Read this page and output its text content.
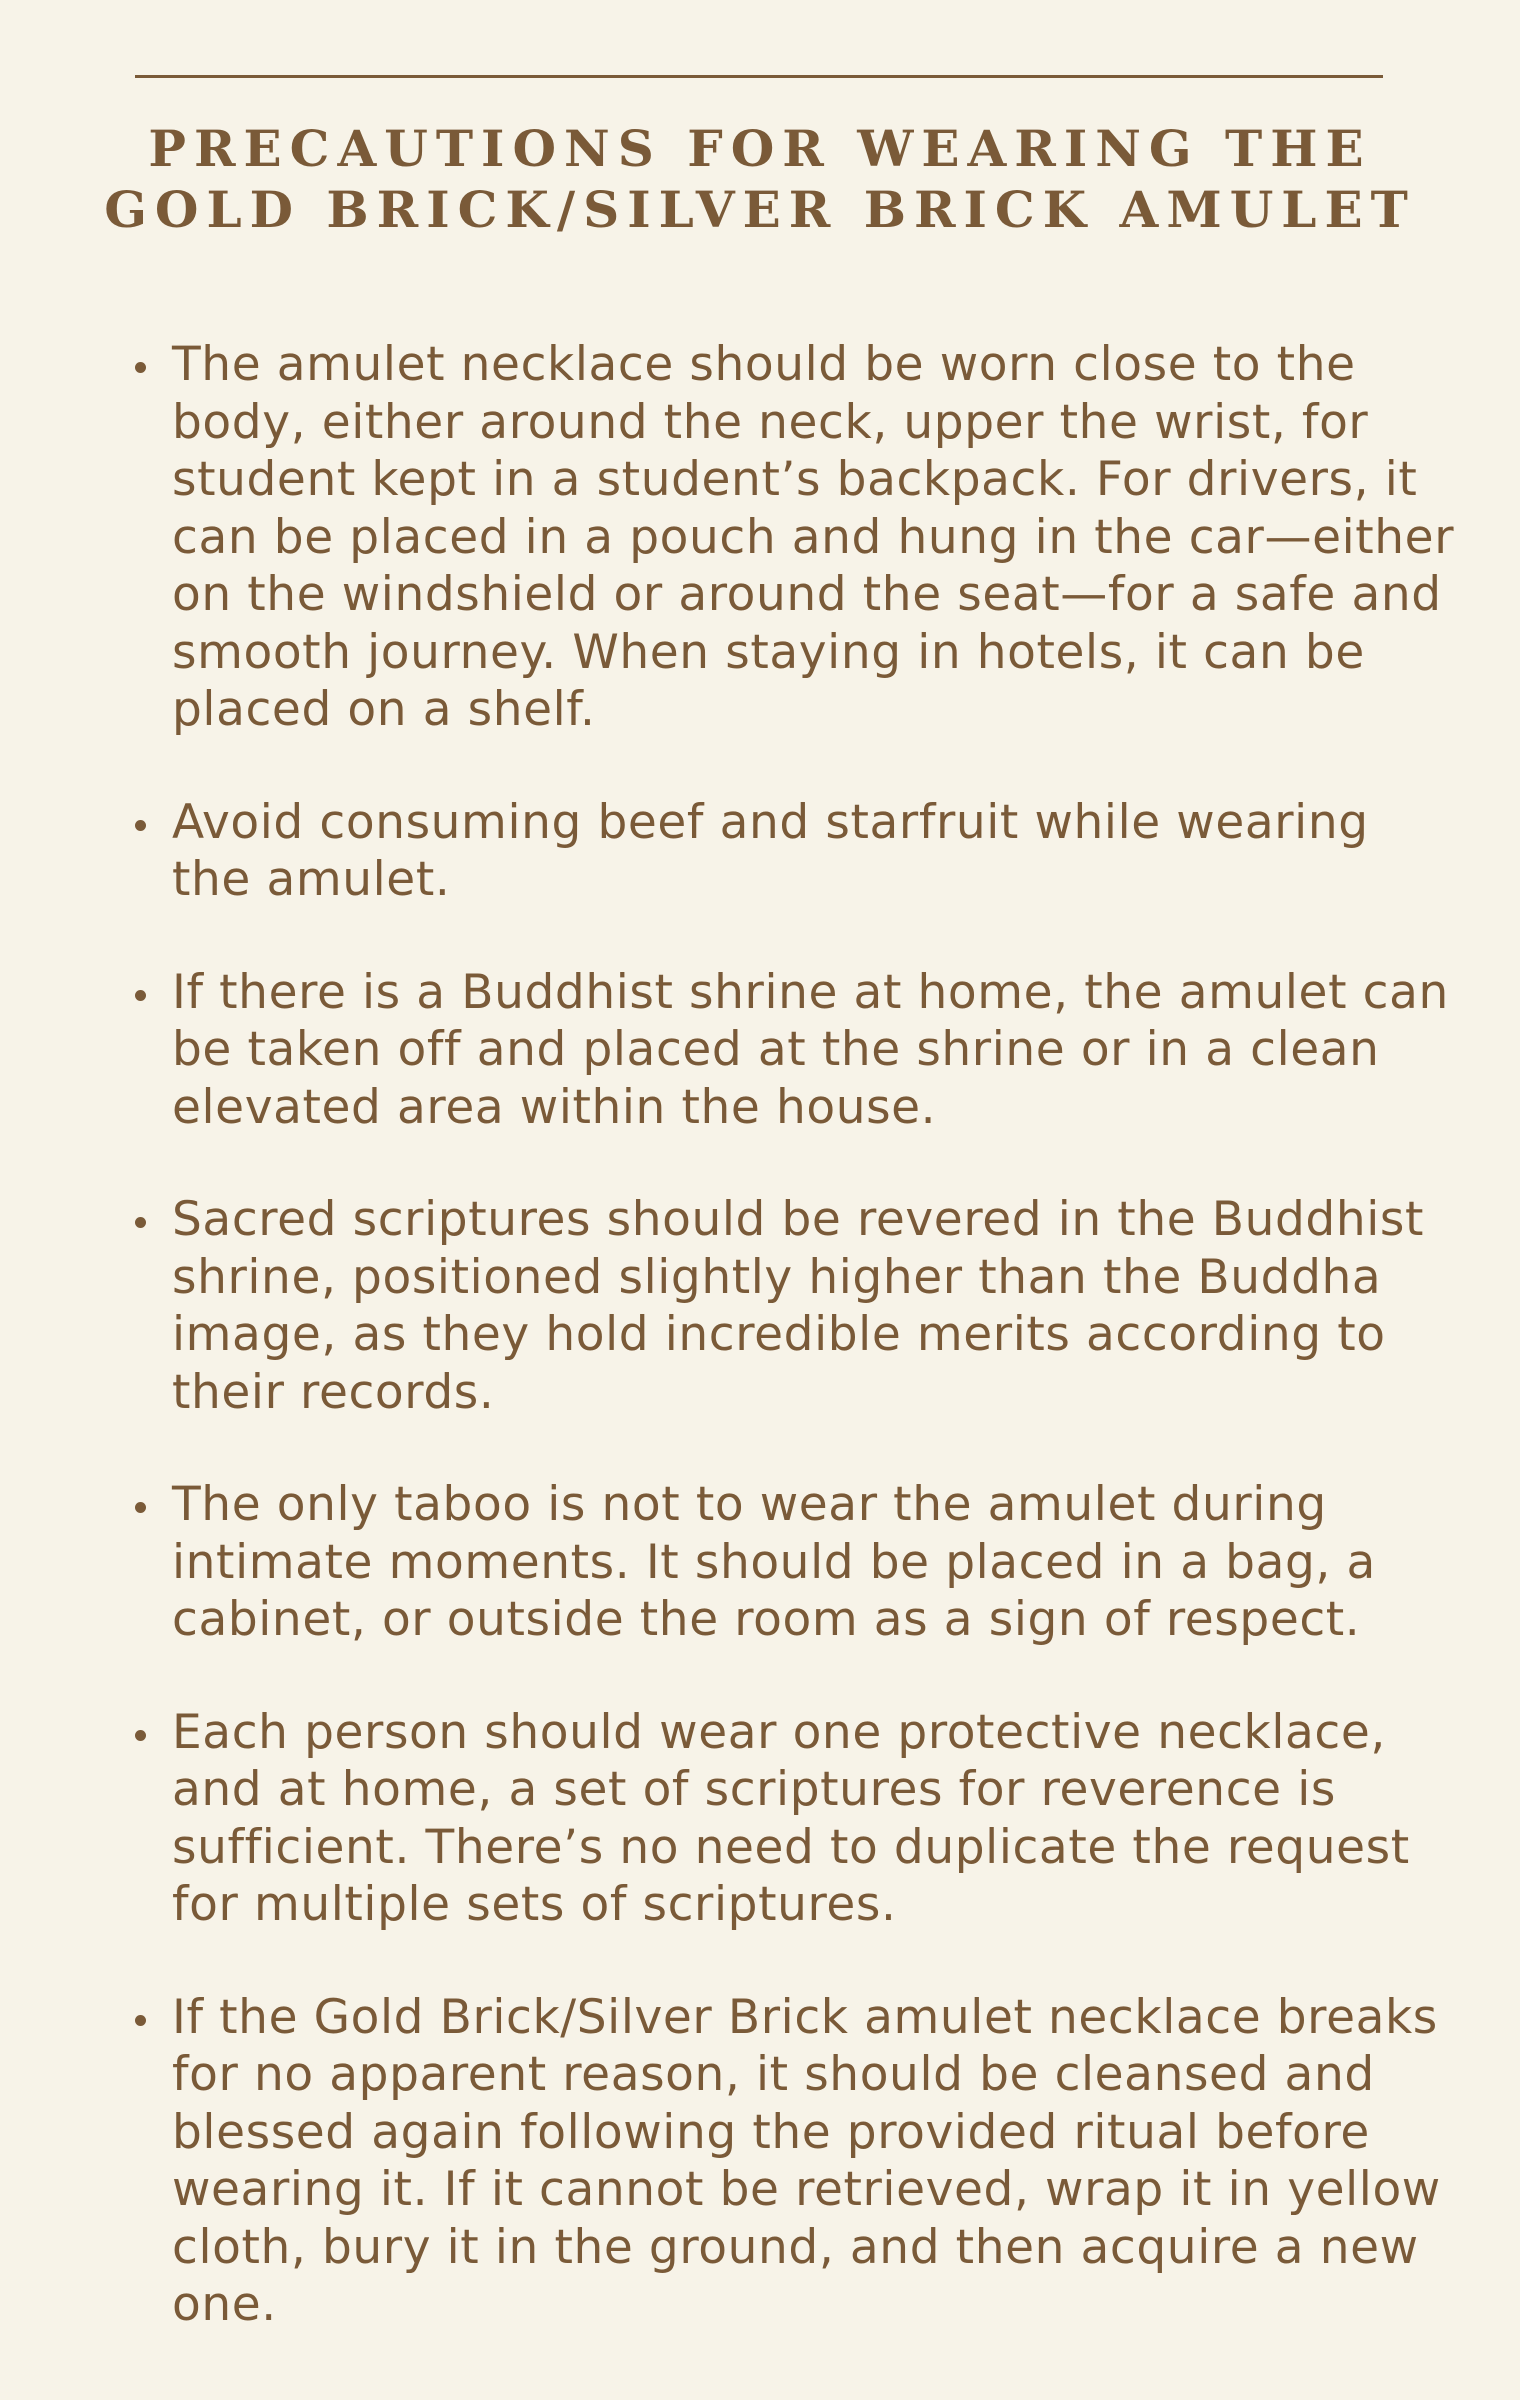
PRECAUTIONS FOR WEARING THE
GOLD BRICK/SILVER BRICK AMULET
The amulet necklace should be worn close to the body, either around the neck, upper the wrist, for student kept in a student’s backpack. For drivers, it can be placed in a pouch and hung in the car—either on the windshield or around the seat—for a safe and smooth journey. When staying in hotels, it can be placed on a shelf.
Avoid consuming beef and starfruit while wearing the amulet.
If there is a Buddhist shrine at home, the amulet can be taken off and placed at the shrine or in a clean elevated area within the house.
Sacred scriptures should be revered in the Buddhist shrine, positioned slightly higher than the Buddha image, as they hold incredible merits according to their records.
The only taboo is not to wear the amulet during intimate moments. It should be placed in a bag, a cabinet, or outside the room as a sign of respect.
Each person should wear one protective necklace, and at home, a set of scriptures for reverence is sufficient. There’s no need to duplicate the request for multiple sets of scriptures.
If the Gold Brick/Silver Brick amulet necklace breaks for no apparent reason, it should be cleansed and blessed again following the provided ritual before wearing it. If it cannot be retrieved, wrap it in yellow cloth, bury it in the ground, and then acquire a new one.
